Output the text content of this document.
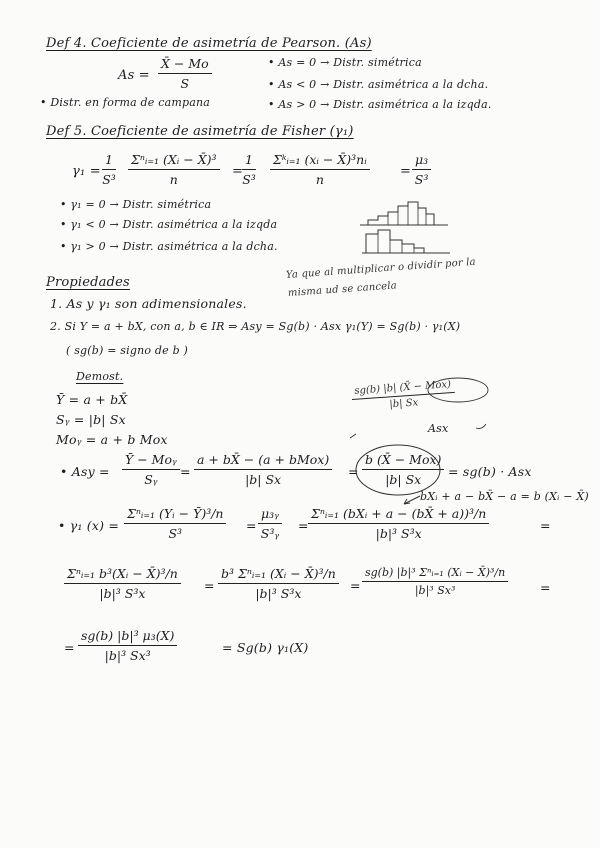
Def 4. Coeficiente de asimetría de Pearson. (As)
$As = \frac{X̄ - Mo}{S}$	• As = 0 → Distr. simétrica
• As < 0 → Distr. asimétrica a la dcha.
• As > 0 → Distr. asimétrica a la izqda.
• Distr. en forma de campana
Def 5. Coeficiente de asimetría de Fisher (γ₁)
$\gamma_1 = \frac{1}{\text{S³}}$ Σⁿᵢ₌₁ (Xᵢ − X̄)³
n
=
$\frac{1}{\text{S³}}$ Σᵏᵢ₌₁ (xᵢ − X̄)³nᵢ
n
= $\frac{\text{μ₃}}{\text{S³}}$
• γ₁ = 0 → Distr. simétrica
• γ₁ < 0 → Distr. asimétrica a la izqda
• γ₁ > 0 → Distr. asimétrica a la dcha.
Propiedades
Ya que al multiplicar o dividir por la
misma ud se cancela
1. As y γ₁ son adimensionales.
2. Si Y = a + bX, con a, b ∈ IR ⇒ Asy = Sg(b) · Asx γ₁(Y) = Sg(b) · γ₁(X)
( sg(b) = signo de b )
Demost.
Ȳ = a + bX̄
Sᵧ = |b| Sx
Moᵧ = a + b Mox
sg(b) |b| (X̄ − Mox)
|b| Sx
Asx
• Asy =
Ȳ − Moᵧ
Sᵧ
=
a + bX̄ − (a + bMox)
|b| Sx
=
b (X̄ − Mox)
|b| Sx
= sg(b) · Asx
bXᵢ + a − bX̄ − a = b (Xᵢ − X̄)
• γ₁ (x) =
Σⁿᵢ₌₁ (Yᵢ − Ȳ)³/n
S³
= $\frac{\text{μ₃ᵧ}}{\text{S³ᵧ}}$ =
Σⁿᵢ₌₁ (bXᵢ + a − (bX̄ + a))³/n
|b|³ S³x
=
Σⁿᵢ₌₁ b³(Xᵢ − X̄)³/n
|b|³ S³x
=
b³ Σⁿᵢ₌₁ (Xᵢ − X̄)³/n
|b|³ S³x
=
sg(b) |b|³ Σⁿᵢ₌₁ (Xᵢ − X̄)³/n
|b|³ Sx³	=
= $\frac{\text{sg(b) |b|³ μ₃(X)}}{\text{|b|³ Sx³}}$	= Sg(b) γ₁(X)
